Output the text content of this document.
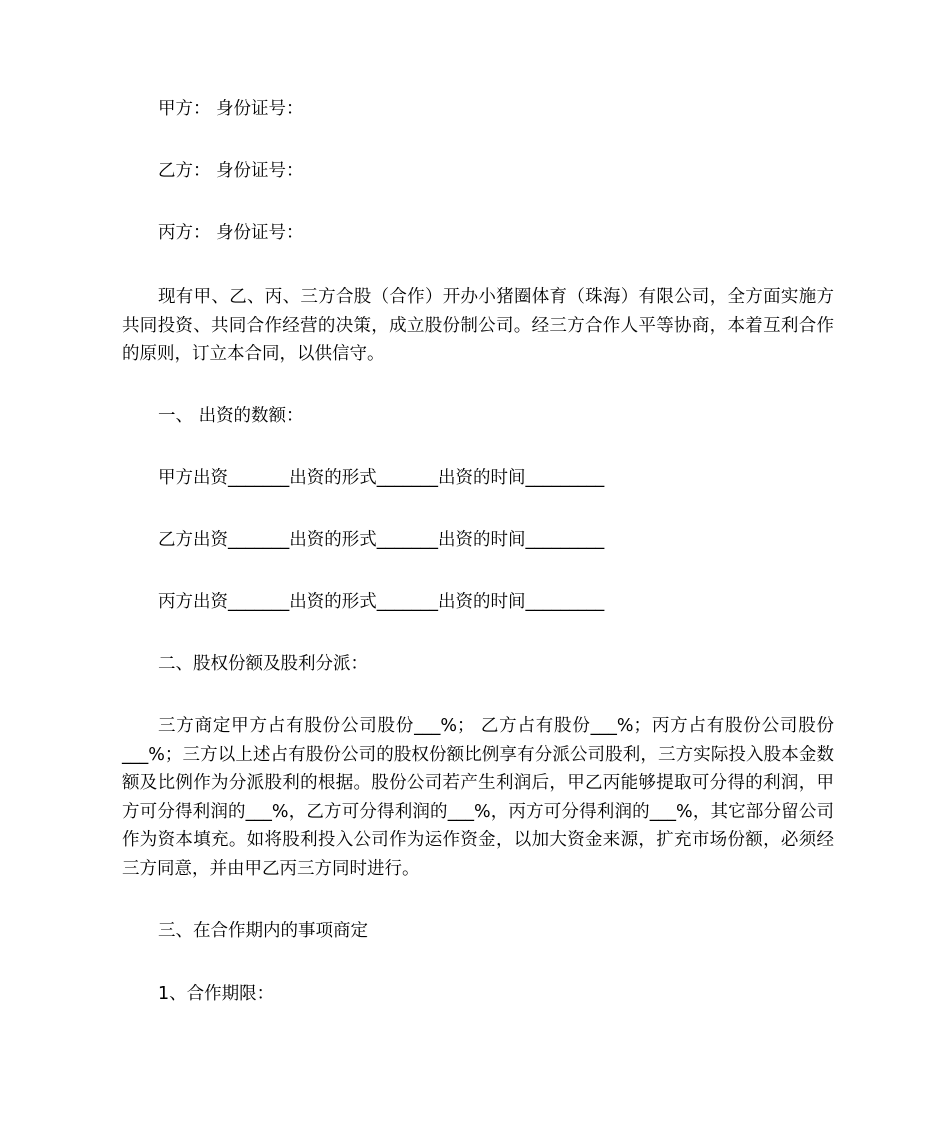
甲方： 身份证号：
乙方： 身份证号：
丙方： 身份证号：
现有甲、乙、丙、三方合股（合作）开办小猪圈体育（珠海）有限公司，全方面实施方共同投资、共同合作经营的决策，成立股份制公司。经三方合作人平等协商，本着互利合作的原则，订立本合同，以供信守。
一、 出资的数额：
甲方出资_______出资的形式_______出资的时间_________
乙方出资_______出资的形式_______出资的时间_________
丙方出资_______出资的形式_______出资的时间_________
二、股权份额及股利分派：
三方商定甲方占有股份公司股份___%； 乙方占有股份___%；丙方占有股份公司股份___%；三方以上述占有股份公司的股权份额比例享有分派公司股利，三方实际投入股本金数额及比例作为分派股利的根据。股份公司若产生利润后，甲乙丙能够提取可分得的利润，甲方可分得利润的___%，乙方可分得利润的___%，丙方可分得利润的___%，其它部分留公司作为资本填充。如将股利投入公司作为运作资金，以加大资金来源，扩充市场份额，必须经三方同意，并由甲乙丙三方同时进行。
三、在合作期内的事项商定
1、合作期限：
